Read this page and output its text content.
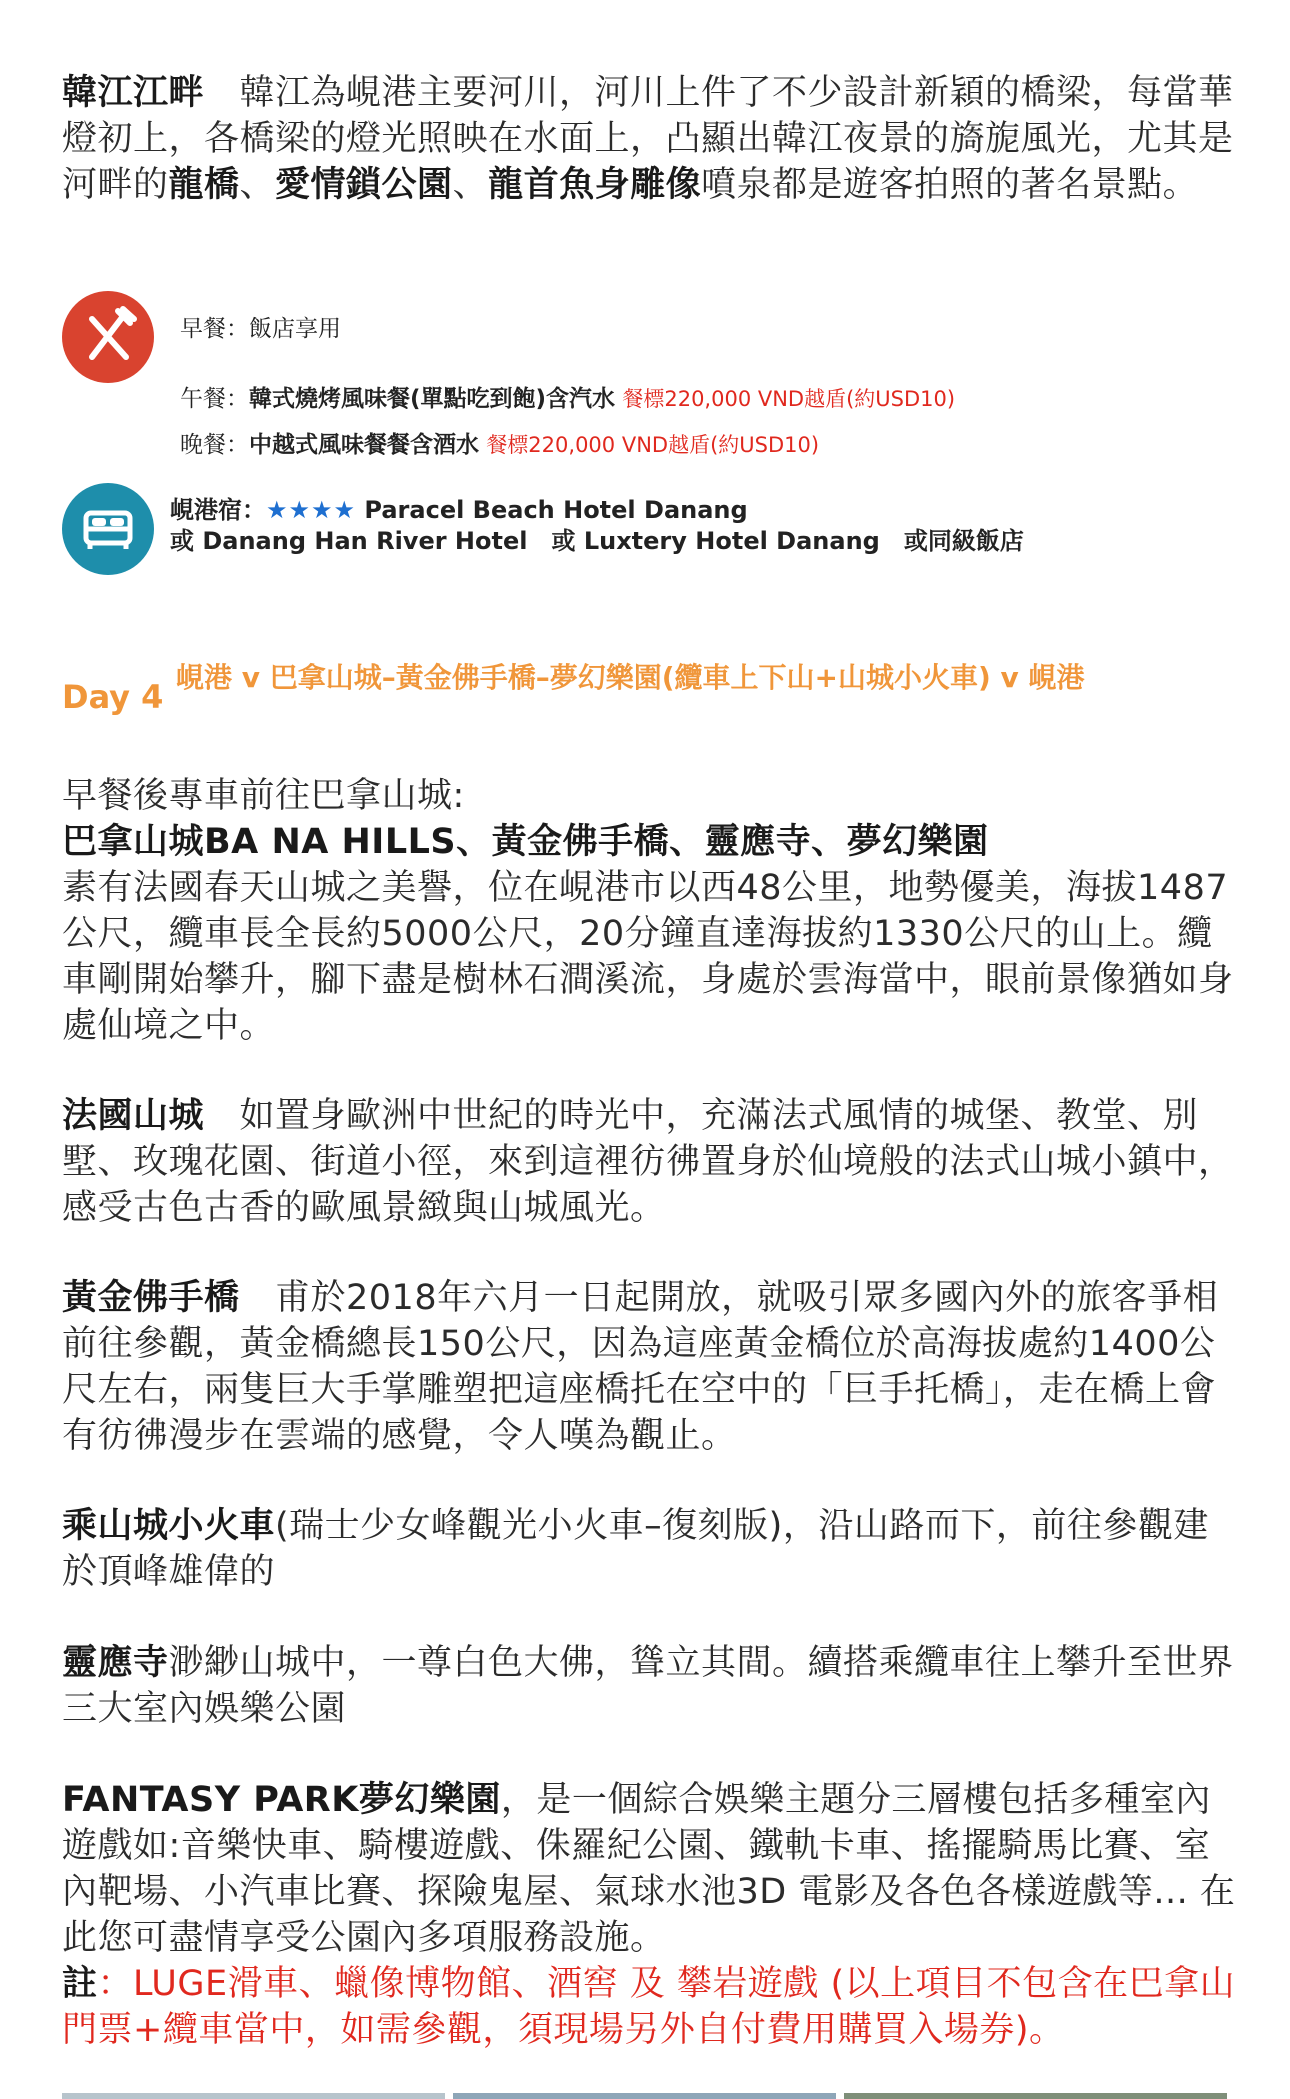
韓江江畔　韓江為峴港主要河川，河川上件了不少設計新穎的橋梁，每當華燈初上，各橋梁的燈光照映在水面上，凸顯出韓江夜景的旖旎風光，尤其是河畔的龍橋、愛情鎖公園、龍首魚身雕像噴泉都是遊客拍照的著名景點。
早餐：飯店享用
午餐：韓式燒烤風味餐(單點吃到飽)含汽水 餐標220,000 VND越盾(約USD10)
晚餐：中越式風味餐餐含酒水 餐標220,000 VND越盾(約USD10)
峴港宿：★★★★ Paracel Beach Hotel Danang
或 Danang Han River Hotel　或 Luxtery Hotel Danang　或同級飯店
Day 4
峴港 v 巴拿山城–黃金佛手橋–夢幻樂園(纜車上下山+山城小火車) v 峴港
早餐後專車前往巴拿山城:
巴拿山城BA NA HILLS、黃金佛手橋、靈應寺、夢幻樂園
素有法國春天山城之美譽，位在峴港市以西48公里，地勢優美，海拔1487公尺，纜車長全長約5000公尺，20分鐘直達海拔約1330公尺的山上。纜車剛開始攀升，腳下盡是樹林石澗溪流，身處於雲海當中，眼前景像猶如身處仙境之中。
法國山城　如置身歐洲中世紀的時光中，充滿法式風情的城堡、教堂、別墅、玫瑰花園、街道小徑，來到這裡彷彿置身於仙境般的法式山城小鎮中，感受古色古香的歐風景緻與山城風光。
黃金佛手橋　甫於2018年六月一日起開放，就吸引眾多國內外的旅客爭相前往參觀，黃金橋總長150公尺，因為這座黃金橋位於高海拔處約1400公尺左右，兩隻巨大手掌雕塑把這座橋托在空中的「巨手托橋」，走在橋上會有彷彿漫步在雲端的感覺，令人嘆為觀止。
乘山城小火車(瑞士少女峰觀光小火車–復刻版)，沿山路而下，前往參觀建於頂峰雄偉的
靈應寺渺緲山城中，一尊白色大佛，聳立其間。續搭乘纜車往上攀升至世界三大室內娛樂公園
FANTASY PARK夢幻樂園，是一個綜合娛樂主題分三層樓包括多種室內遊戲如:音樂快車、騎樓遊戲、侏羅紀公園、鐵軌卡車、搖擺騎馬比賽、室內靶場、小汽車比賽、探險鬼屋、氣球水池3D 電影及各色各樣遊戲等... 在此您可盡情享受公園內多項服務設施。
註：LUGE滑車、蠟像博物館、酒窖 及 攀岩遊戲 (以上項目不包含在巴拿山門票+纜車當中，如需參觀，須現場另外自付費用購買入場券)。
